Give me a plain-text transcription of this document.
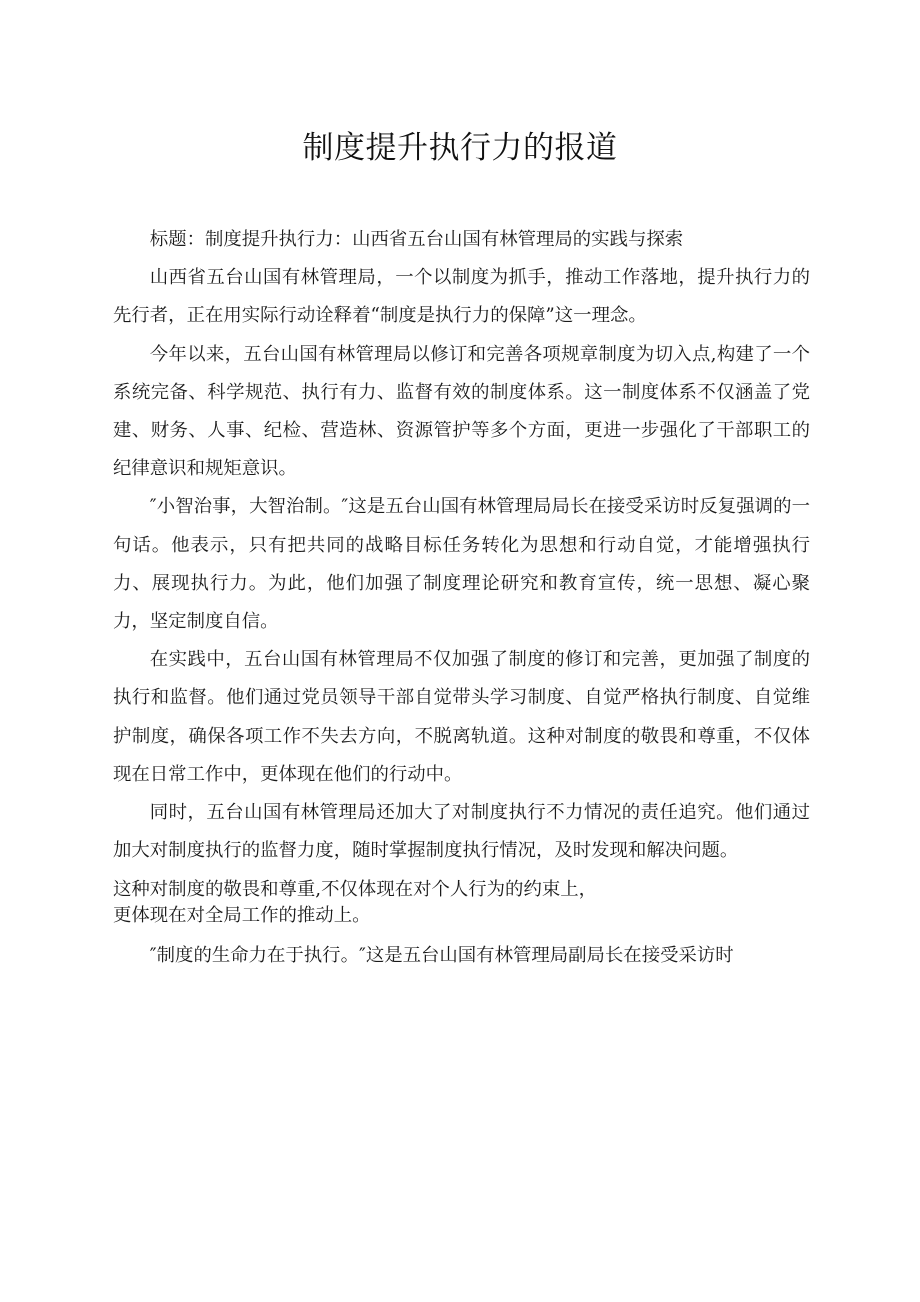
制度提升执行力的报道

标题：制度提升执行力：山西省五台山国有林管理局的实践与探索

山西省五台山国有林管理局，一个以制度为抓手，推动工作落地，提升执行力的先行者，正在用实际行动诠释着“制度是执行力的保障”这一理念。

今年以来，五台山国有林管理局以修订和完善各项规章制度为切入点,构建了一个系统完备、科学规范、执行有力、监督有效的制度体系。这一制度体系不仅涵盖了党建、财务、人事、纪检、营造林、资源管护等多个方面，更进一步强化了干部职工的纪律意识和规矩意识。

″小智治事，大智治制。″这是五台山国有林管理局局长在接受采访时反复强调的一句话。他表示，只有把共同的战略目标任务转化为思想和行动自觉，才能增强执行力、展现执行力。为此，他们加强了制度理论研究和教育宣传，统一思想、凝心聚力，坚定制度自信。

在实践中，五台山国有林管理局不仅加强了制度的修订和完善，更加强了制度的执行和监督。他们通过党员领导干部自觉带头学习制度、自觉严格执行制度、自觉维护制度，确保各项工作不失去方向，不脱离轨道。这种对制度的敬畏和尊重，不仅体现在日常工作中，更体现在他们的行动中。

同时，五台山国有林管理局还加大了对制度执行不力情况的责任追究。他们通过加大对制度执行的监督力度，随时掌握制度执行情况，及时发现和解决问题。

这种对制度的敬畏和尊重,不仅体现在对个人行为的约束上，
更体现在对全局工作的推动上。

″制度的生命力在于执行。″这是五台山国有林管理局副局长在接受采访时
